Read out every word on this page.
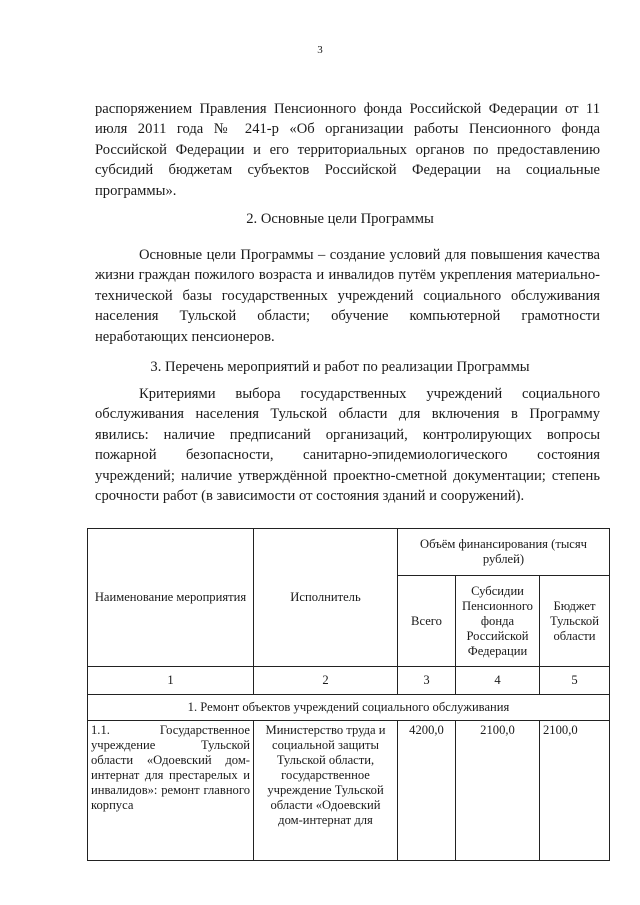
3
распоряжением Правления Пенсионного фонда Российской Федерации от 11 июля 2011 года № 241-р «Об организации работы Пенсионного фонда Российской Федерации и его территориальных органов по предоставлению субсидий бюджетам субъектов Российской Федерации на социальные программы».
2. Основные цели Программы
Основные цели Программы – создание условий для повышения качества жизни граждан пожилого возраста и инвалидов путём укрепления материально-технической базы государственных учреждений социального обслуживания населения Тульской области; обучение компьютерной грамотности неработающих пенсионеров.
3. Перечень мероприятий и работ по реализации Программы
Критериями выбора государственных учреждений социального обслуживания населения Тульской области для включения в Программу явились: наличие предписаний организаций, контролирующих вопросы пожарной безопасности, санитарно-эпидемиологического состояния учреждений; наличие утверждённой проектно-сметной документации; степень срочности работ (в зависимости от состояния зданий и сооружений).
Наименование мероприятия	Исполнитель	Объём финансирования (тысяч рублей)		
		Всего	Субсидии Пенсионного фонда Российской Федерации	Бюджет Тульской области
1	2	3	4	5
1. Ремонт объектов учреждений социального обслуживания				
1.1. Государственное учреждение Тульской области «Одоевский дом-интернат для престарелых и инвалидов»: ремонт главного корпуса	Министерство труда и социальной защиты Тульской области, государственное учреждение Тульской области «Одоевский дом-интернат для	4200,0	2100,0	2100,0
